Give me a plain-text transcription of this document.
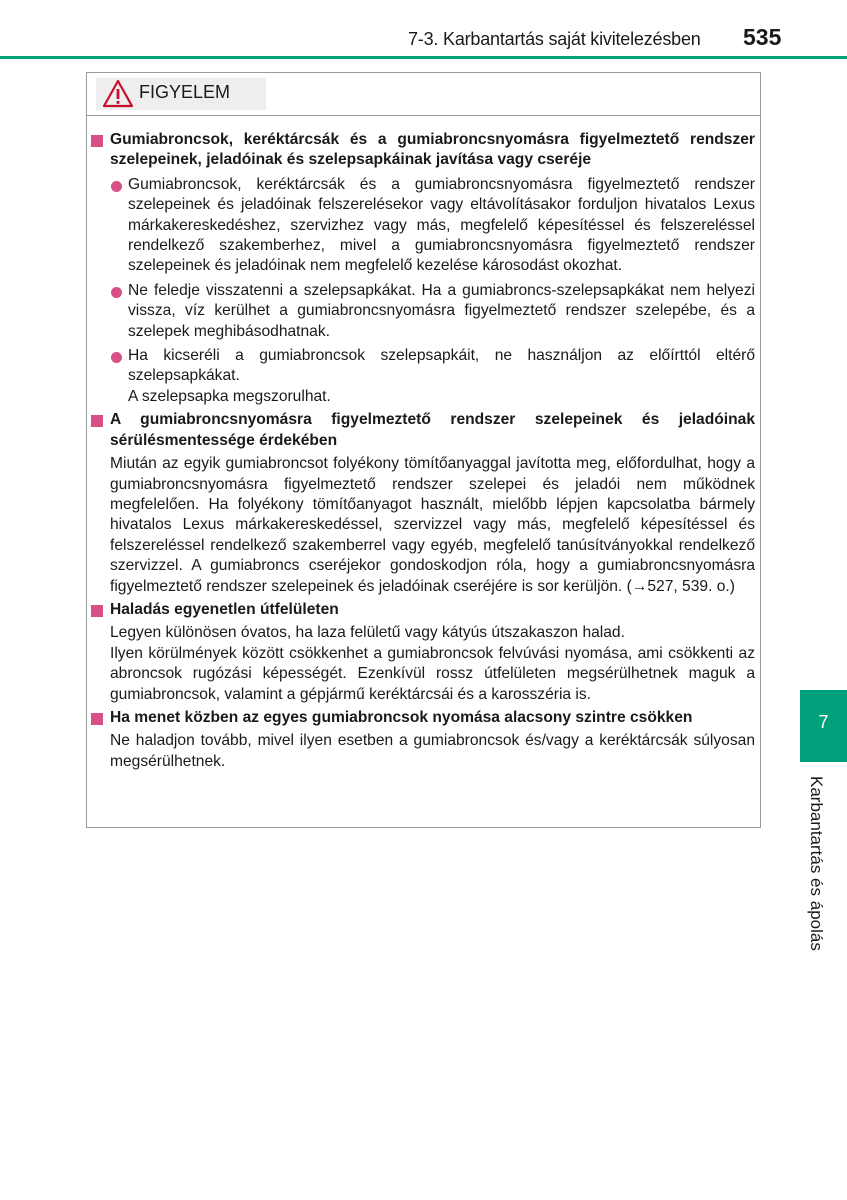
7-3. Karbantartás saját kivitelezésben 535
FIGYELEM
Gumiabroncsok, keréktárcsák és a gumiabroncsnyomásra figyelmeztető rendszer szelepeinek, jeladóinak és szelepsapkáinak javítása vagy cseréje
Gumiabroncsok, keréktárcsák és a gumiabroncsnyomásra figyelmeztető rendszer szelepeinek és jeladóinak felszerelésekor vagy eltávolításakor forduljon hivatalos Lexus márkakereskedéshez, szervizhez vagy más, megfelelő képesítéssel és felszereléssel rendelkező szakemberhez, mivel a gumiabroncsnyomásra figyelmeztető rendszer szelepeinek és jeladóinak nem megfelelő kezelése károsodást okozhat.
Ne feledje visszatenni a szelepsapkákat. Ha a gumiabroncs-szelepsapkákat nem helyezi vissza, víz kerülhet a gumiabroncsnyomásra figyelmeztető rendszer szelepébe, és a szelepek meghibásodhatnak.
Ha kicseréli a gumiabroncsok szelepsapkáit, ne használjon az előírttól eltérő szelepsapkákat.
A szelepsapka megszorulhat.
A gumiabroncsnyomásra figyelmeztető rendszer szelepeinek és jeladóinak sérülésmentessége érdekében
Miután az egyik gumiabroncsot folyékony tömítőanyaggal javította meg, előfordulhat, hogy a gumiabroncsnyomásra figyelmeztető rendszer szelepei és jeladói nem működnek megfelelően. Ha folyékony tömítőanyagot használt, mielőbb lépjen kapcsolatba bármely hivatalos Lexus márkakereskedéssel, szervizzel vagy más, megfelelő képesítéssel és felszereléssel rendelkező szakemberrel vagy egyéb, megfelelő tanúsítványokkal rendelkező szervizzel. A gumiabroncs cseréjekor gondoskodjon róla, hogy a gumiabroncsnyomásra figyelmeztető rendszer szelepeinek és jeladóinak cseréjére is sor kerüljön. (→527, 539. o.)
Haladás egyenetlen útfelületen
Legyen különösen óvatos, ha laza felületű vagy kátyús útszakaszon halad.
Ilyen körülmények között csökkenhet a gumiabroncsok felvúvási nyomása, ami csökkenti az abroncsok rugózási képességét. Ezenkívül rossz útfelületen megsérülhetnek maguk a gumiabroncsok, valamint a gépjármű keréktárcsái és a karosszéria is.
Ha menet közben az egyes gumiabroncsok nyomása alacsony szintre csökken
Ne haladjon tovább, mivel ilyen esetben a gumiabroncsok és/vagy a keréktárcsák súlyosan megsérülhetnek.
7
Karbantartás és ápolás
